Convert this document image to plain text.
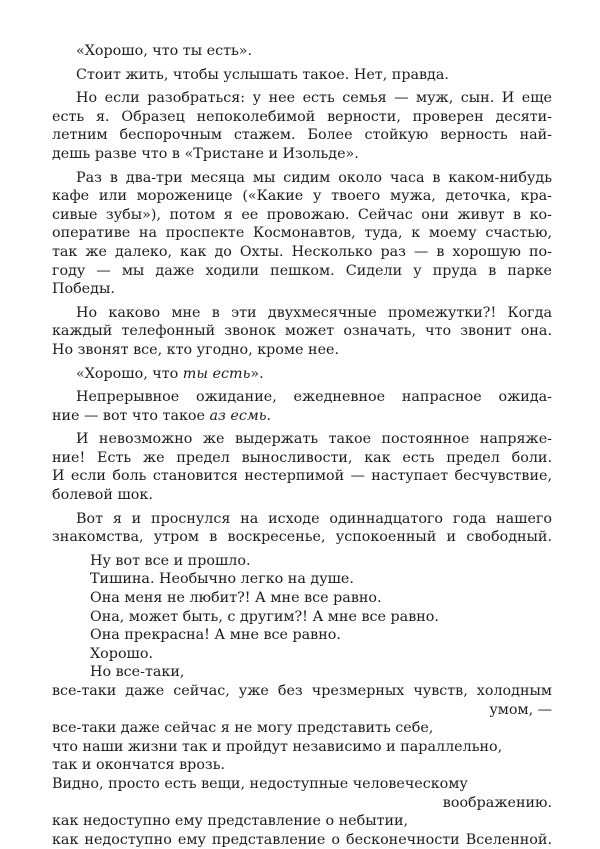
«Хорошо, что ты есть».
Стоит жить, чтобы услышать такое. Нет, правда.
Но если разобраться: у нее есть семья — муж, сын. И еще
есть я. Образец непоколебимой верности, проверен десяти-
летним беспорочным стажем. Более стойкую верность най-
дешь разве что в «Тристане и Изольде».
Раз в два-три месяца мы сидим около часа в каком-нибудь
кафе или мороженице («Какие у твоего мужа, деточка, кра-
сивые зубы»), потом я ее провожаю. Сейчас они живут в ко-
оперативе на проспекте Космонавтов, туда, к моему счастью,
так же далеко, как до Охты. Несколько раз — в хорошую по-
году — мы даже ходили пешком. Сидели у пруда в парке
Победы.
Но каково мне в эти двухмесячные промежутки?! Когда
каждый телефонный звонок может означать, что звонит она.
Но звонят все, кто угодно, кроме нее.
«Хорошо, что ты есть».
Непрерывное ожидание, ежедневное напрасное ожида-
ние — вот что такое аз есмь.
И невозможно же выдержать такое постоянное напряже-
ние! Есть же предел выносливости, как есть предел боли.
И если боль становится нестерпимой — наступает бесчувствие,
болевой шок.
Вот я и проснулся на исходе одиннадцатого года нашего
знакомства, утром в воскресенье, успокоенный и свободный.
Ну вот все и прошло.
Тишина. Необычно легко на душе.
Она меня не любит?! А мне все равно.
Она, может быть, с другим?! А мне все равно.
Она прекрасна! А мне все равно.
Хорошо.
Но все-таки,
все-таки даже сейчас, уже без чрезмерных чувств, холодным
умом, —
все-таки даже сейчас я не могу представить себе,
что наши жизни так и пройдут независимо и параллельно,
так и окончатся врозь.
Видно, просто есть вещи, недоступные человеческому
воображению.
как недоступно ему представление о небытии,
как недоступно ему представление о бесконечности Вселенной.
